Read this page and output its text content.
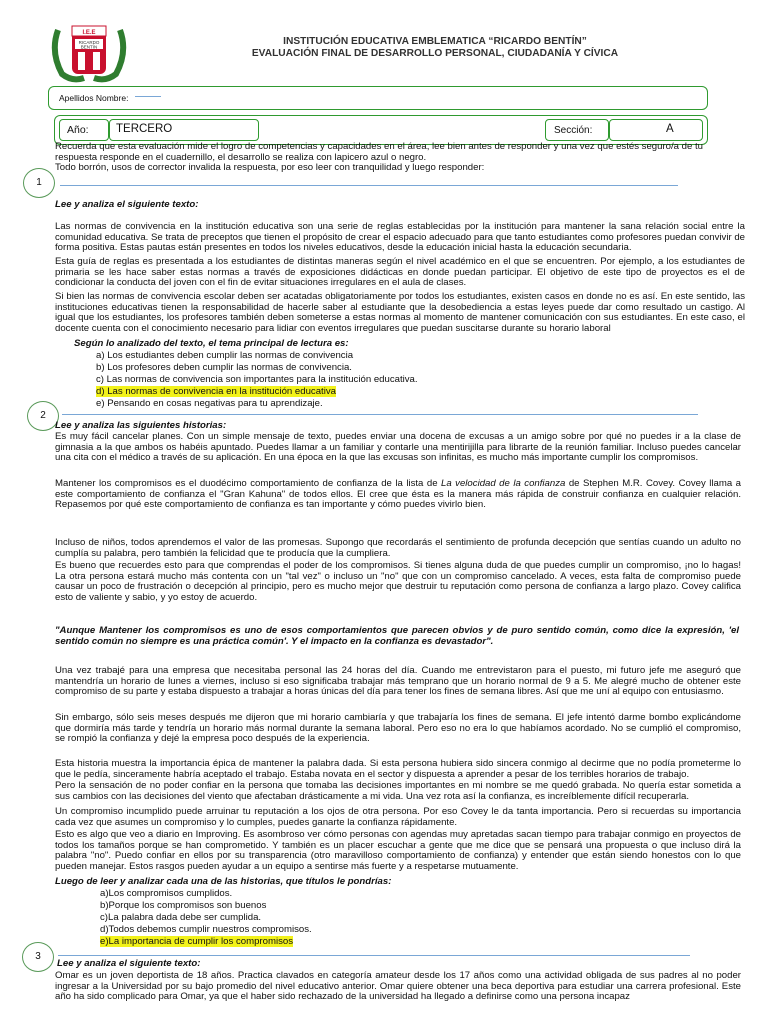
I.E.E
RICARDO
BENTÍN	INSTITUCIÓN EDUCATIVA EMBLEMATICA “RICARDO BENTÍN”
EVALUACIÓN FINAL DE DESARROLLO PERSONAL, CIUDADANÍA Y CÍVICA
Apellidos Nombre:
Año: TERCERO	Sección:	A

Recuerda que esta evaluación mide el logro de competencias y capacidades en el área, lee bien antes de responder y una vez que estés seguro/a de tu respuesta responde en el cuadernillo, el desarrollo se realiza con lapicero azul o negro.

Todo borrón, usos de corrector invalida la respuesta, por eso leer con tranquilidad y luego responder:

1

Lee y analiza el siguiente texto:

Las normas de convivencia en la institución educativa son una serie de reglas establecidas por la institución para mantener la sana relación social entre la comunidad educativa. Se trata de preceptos que tienen el propósito de crear el espacio adecuado para que tanto estudiantes como profesores puedan convivir de forma positiva. Estas pautas están presentes en todos los niveles educativos, desde la educación inicial hasta la educación secundaria.

Esta guía de reglas es presentada a los estudiantes de distintas maneras según el nivel académico en el que se encuentren. Por ejemplo, a los estudiantes de primaria se les hace saber estas normas a través de exposiciones didácticas en donde puedan participar. El objetivo de este tipo de proyectos es el de condicionar la conducta del joven con el fin de evitar situaciones irregulares en el aula de clases.

Si bien las normas de convivencia escolar deben ser acatadas obligatoriamente por todos los estudiantes, existen casos en donde no es así. En este sentido, las instituciones educativas tienen la responsabilidad de hacerle saber al estudiante que la desobediencia a estas leyes puede dar como resultado un castigo. Al igual que los estudiantes, los profesores también deben someterse a estas normas al momento de mantener comunicación con sus estudiantes. En este caso, el docente cuenta con el conocimiento necesario para lidiar con eventos irregulares que puedan suscitarse durante su horario laboral

Según lo analizado del texto, el tema principal de lectura es:

a) Los estudiantes deben cumplir las normas de convivencia

b) Los profesores deben cumplir las normas de convivencia.

c) Las normas de convivencia son importantes para la institución educativa.

d) Las normas de convivencia en la institución educativa

e) Pensando en cosas negativas para tu aprendizaje.

2

Lee y analiza las siguientes historias:

Es muy fácil cancelar planes. Con un simple mensaje de texto, puedes enviar una docena de excusas a un amigo sobre por qué no puedes ir a la clase de gimnasia a la que ambos os habéis apuntado. Puedes llamar a un familiar y contarle una mentirijilla para librarte de la reunión familiar. Incluso puedes cancelar una cita con el médico a través de su aplicación. En una época en la que las excusas son infinitas, es mucho más importante cumplir los compromisos.

Mantener los compromisos es el duodécimo comportamiento de confianza de la lista de La velocidad de la confianza de Stephen M.R. Covey. Covey llama a este comportamiento de confianza el "Gran Kahuna" de todos ellos. El cree que ésta es la manera más rápida de construir confianza en cualquier relación. Repasemos por qué este comportamiento de confianza es tan importante y cómo puedes vivirlo bien.

Incluso de niños, todos aprendemos el valor de las promesas. Supongo que recordarás el sentimiento de profunda decepción que sentías cuando un adulto no cumplía su palabra, pero también la felicidad que te producía que la cumpliera.

Es bueno que recuerdes esto para que comprendas el poder de los compromisos. Si tienes alguna duda de que puedes cumplir un compromiso, ¡no lo hagas! La otra persona estará mucho más contenta con un "tal vez" o incluso un "no" que con un compromiso cancelado. A veces, esta falta de compromiso puede causar un poco de frustración o decepción al principio, pero es mucho mejor que destruir tu reputación como persona de confianza a largo plazo. Covey califica esto de valiente y sabio, y yo estoy de acuerdo.

"Aunque Mantener los compromisos es uno de esos comportamientos que parecen obvios y de puro sentido común, como dice la expresión, 'el sentido común no siempre es una práctica común'. Y el impacto en la confianza es devastador".

Una vez trabajé para una empresa que necesitaba personal las 24 horas del día. Cuando me entrevistaron para el puesto, mi futuro jefe me aseguró que mantendría un horario de lunes a viernes, incluso si eso significaba trabajar más temprano que un horario normal de 9 a 5. Me alegré mucho de obtener este compromiso de su parte y estaba dispuesto a trabajar a horas únicas del día para tener los fines de semana libres. Así que me uní al equipo con entusiasmo.

Sin embargo, sólo seis meses después me dijeron que mi horario cambiaría y que trabajaría los fines de semana. El jefe intentó darme bombo explicándome que dormiría más tarde y tendría un horario más normal durante la semana laboral. Pero eso no era lo que habíamos acordado. No se cumplió el compromiso, se rompió la confianza y dejé la empresa poco después de la experiencia.

Esta historia muestra la importancia épica de mantener la palabra dada. Si esta persona hubiera sido sincera conmigo al decirme que no podía prometerme lo que le pedía, sinceramente habría aceptado el trabajo. Estaba novata en el sector y dispuesta a aprender a pesar de los terribles horarios de trabajo.

Pero la sensación de no poder confiar en la persona que tomaba las decisiones importantes en mi nombre se me quedó grabada. No quería estar sometida a sus cambios con las decisiones del viento que afectaban drásticamente a mi vida. Una vez rota así la confianza, es increíblemente difícil recuperarla.

Un compromiso incumplido puede arruinar tu reputación a los ojos de otra persona. Por eso Covey le da tanta importancia. Pero si recuerdas su importancia cada vez que asumes un compromiso y lo cumples, puedes ganarte la confianza rápidamente.

Esto es algo que veo a diario en Improving. Es asombroso ver cómo personas con agendas muy apretadas sacan tiempo para trabajar conmigo en proyectos de todos los tamaños porque se han comprometido. Y también es un placer escuchar a gente que me dice que se pensará una propuesta o que incluso dirá la palabra "no". Puedo confiar en ellos por su transparencia (otro maravilloso comportamiento de confianza) y entender que están siendo honestos con lo que pueden manejar. Estos rasgos pueden ayudar a un equipo a sentirse más fuerte y a respetarse mutuamente.

Luego de leer y analizar cada una de las historias, que títulos le pondrías:

a)Los compromisos cumplidos.

b)Porque los compromisos son buenos

c)La palabra dada debe ser cumplida.

d)Todos debemos cumplir nuestros compromisos.

e)La importancia de cumplir los compromisos

3

Lee y analiza el siguiente texto:

Omar es un joven deportista de 18 años. Practica clavados en categoría amateur desde los 17 años como una actividad obligada de sus padres al no poder ingresar a la Universidad por su bajo promedio del nivel educativo anterior. Omar quiere obtener una beca deportiva para estudiar una carrera profesional. Este año ha sido complicado para Omar, ya que el haber sido rechazado de la universidad ha llegado a definirse como una persona incapaz
